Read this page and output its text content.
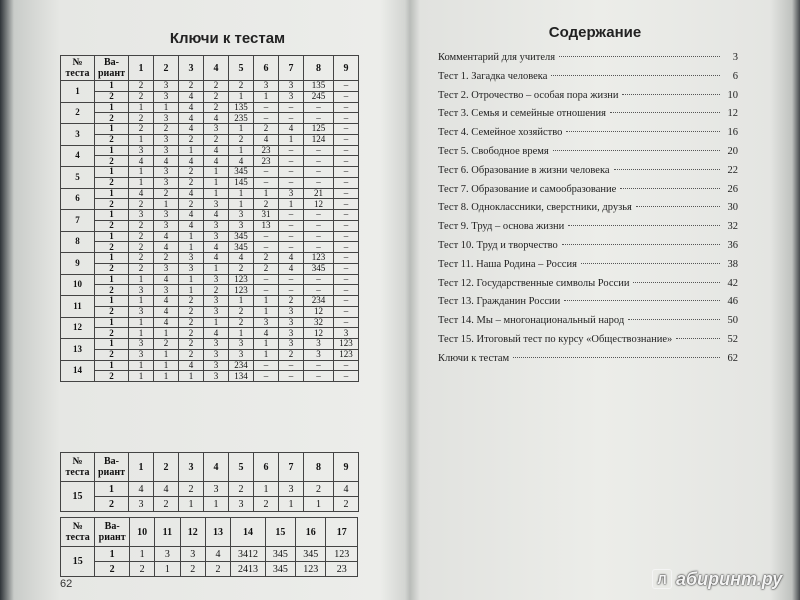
Ключи к тестам
№ теста	Ва-риант	1	2	3	4	5	6	7	8	9
1	1	2	3	2	2	2	3	3	135	–
	2	2	3	4	2	1	1	3	245	–
2	1	1	1	4	2	135	–	–	–	–
	2	2	3	4	4	235	–	–	–	–
3	1	2	2	4	3	1	2	4	125	–
	2	1	3	2	2	2	4	1	124	–
4	1	3	3	1	4	1	23	–	–	–
	2	4	4	4	4	4	23	–	–	–
5	1	1	3	2	1	345	–	–	–	–
	2	1	3	2	1	145	–	–	–	–
6	1	4	2	4	1	1	1	3	21	–
	2	2	1	2	3	1	2	1	12	–
7	1	3	3	4	4	3	31	–	–	–
	2	2	3	4	3	3	13	–	–	–
8	1	2	4	1	3	345	–	–	–	–
	2	2	4	1	4	345	–	–	–	–
9	1	2	2	3	4	4	2	4	123	–
	2	2	3	3	1	2	2	4	345	–
10	1	1	4	1	3	123	–	–	–	–
	2	3	3	1	2	123	–	–	–	–
11	1	1	4	2	3	1	1	2	234	–
	2	3	4	2	3	2	1	3	12	–
12	1	1	4	2	1	2	3	3	32	–
	2	1	1	2	4	1	4	3	12	3
13	1	3	2	2	3	3	1	3	3	123
	2	3	1	2	3	3	1	2	3	123
14	1	1	1	4	3	234	–	–	–	–
	2	1	1	1	3	134	–	–	–	–
№ теста	Ва-риант	1	2	3	4	5	6	7	8	9
15	1	4	4	2	3	2	1	3	2	4
	2	3	2	1	1	3	2	1	1	2
№ теста	Ва-риант	10	11	12	13	14	15	16	17
15	1	1	3	3	4	3412	345	345	123
	2	2	1	2	2	2413	345	123	23
62
Содержание
Комментарий для учителя	3
Тест 1. Загадка человека	6
Тест 2. Отрочество – особая пора жизни	10
Тест 3. Семья и семейные отношения	12
Тест 4. Семейное хозяйство	16
Тест 5. Свободное время	20
Тест 6. Образование в жизни человека	22
Тест 7. Образование и самообразование	26
Тест 8. Одноклассники, сверстники, друзья	30
Тест 9. Труд – основа жизни	32
Тест 10. Труд и творчество	36
Тест 11. Наша Родина – Россия	38
Тест 12. Государственные символы России	42
Тест 13. Гражданин России	46
Тест 14. Мы – многонациональный народ	50
Тест 15. Итоговый тест по курсу «Обществознание»	52
Ключи к тестам	62
Л абиринт.ру
